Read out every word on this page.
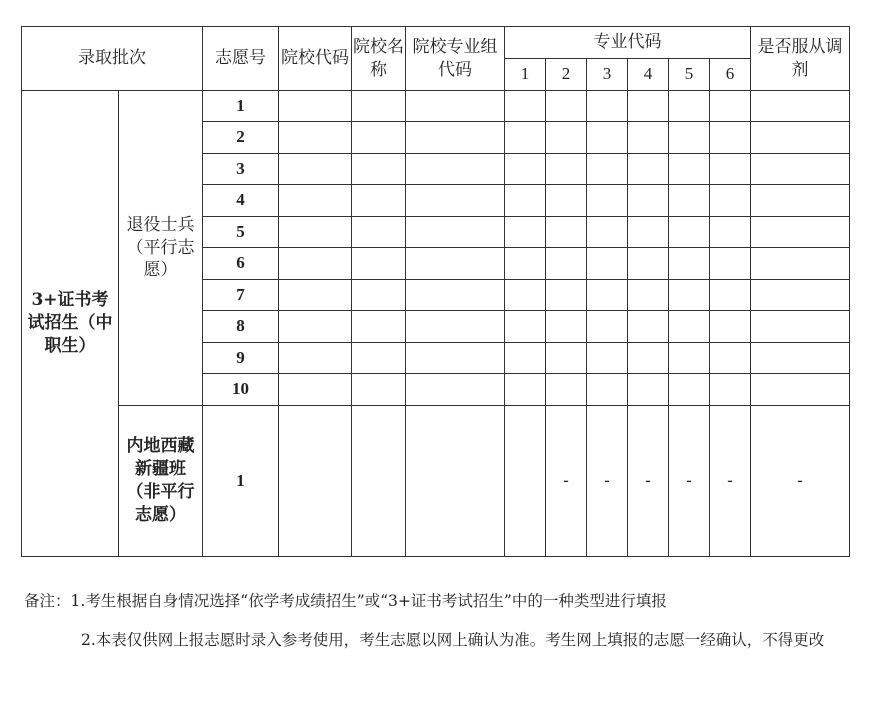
录取批次		志愿号	院校代码	院校名称	院校专业组代码	专业代码						是否服从调剂
						1	2	3	4	5	6	
3+证书考试招生（中职生）	退役士兵（平行志愿）	1										
		2										
		3										
		4										
		5										
		6										
		7										
		8										
		9										
		10										
	内地西藏新疆班（非平行志愿）	1					-	-	-	-	-	-

备注：1.考生根据自身情况选择“依学考成绩招生”或“3+证书考试招生”中的一种类型进行填报

2.本表仅供网上报志愿时录入参考使用，考生志愿以网上确认为准。考生网上填报的志愿一经确认，不得更改
